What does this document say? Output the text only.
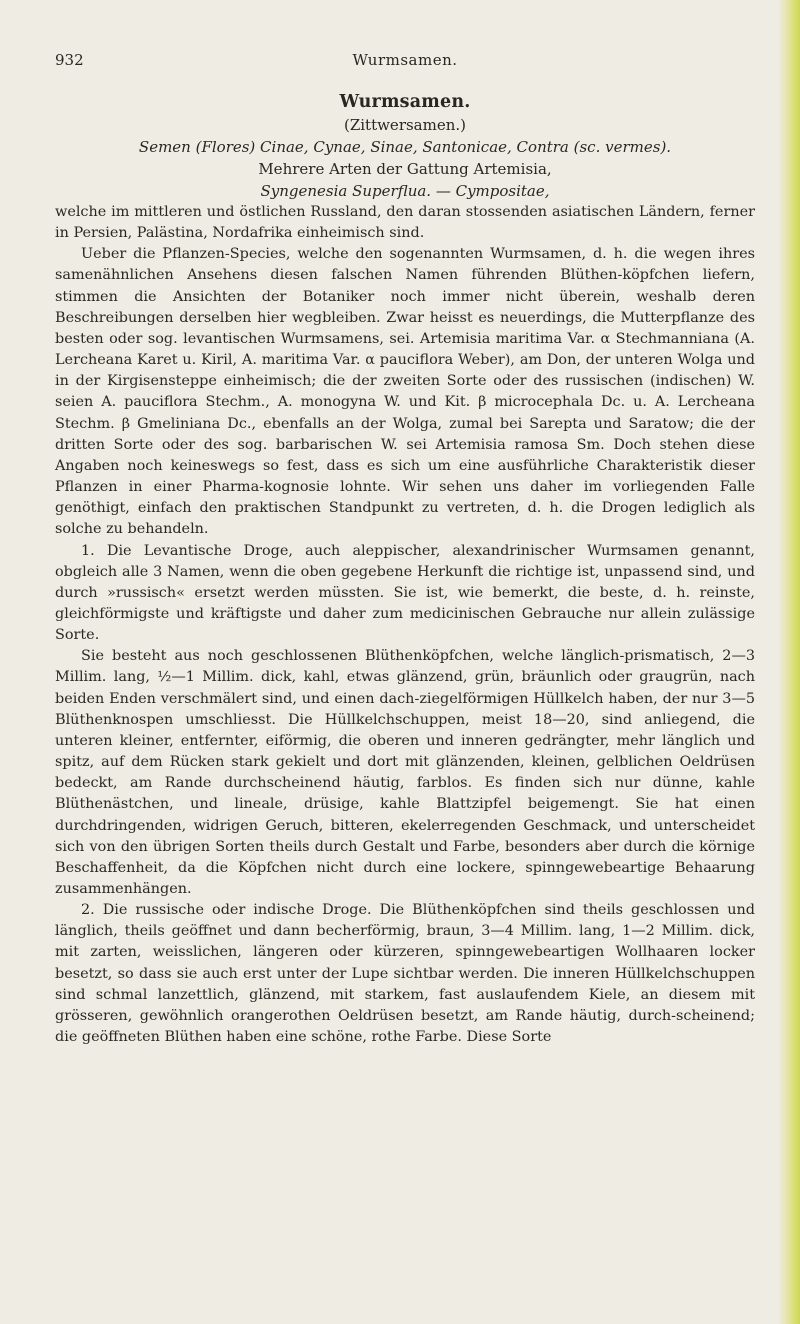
932	Wurmsamen.
Wurmsamen.

(Zittwersamen.)

Semen (Flores) Cinae, Cynae, Sinae, Santonicae, Contra (sc. vermes).

Mehrere Arten der Gattung Artemisia,

Syngenesia Superflua. — Cympositae,

welche im mittleren und östlichen Russland, den daran stossenden asiatischen Ländern, ferner in Persien, Palästina, Nordafrika einheimisch sind.

Ueber die Pflanzen-Species, welche den sogenannten Wurmsamen, d. h. die wegen ihres samenähnlichen Ansehens diesen falschen Namen führenden Blüthen-köpfchen liefern, stimmen die Ansichten der Botaniker noch immer nicht überein, weshalb deren Beschreibungen derselben hier wegbleiben. Zwar heisst es neuerdings, die Mutterpflanze des besten oder sog. levantischen Wurmsamens, sei. Artemisia maritima Var. α Stechmanniana (A. Lercheana Karet u. Kiril, A. maritima Var. α pauciflora Weber), am Don, der unteren Wolga und in der Kirgisensteppe einheimisch; die der zweiten Sorte oder des russischen (indischen) W. seien A. pauciflora Stechm., A. monogyna W. und Kit. β microcephala Dc. u. A. Lercheana Stechm. β Gmeliniana Dc., ebenfalls an der Wolga, zumal bei Sarepta und Saratow; die der dritten Sorte oder des sog. barbarischen W. sei Artemisia ramosa Sm. Doch stehen diese Angaben noch keineswegs so fest, dass es sich um eine ausführliche Charakteristik dieser Pflanzen in einer Pharma-kognosie lohnte. Wir sehen uns daher im vorliegenden Falle genöthigt, einfach den praktischen Standpunkt zu vertreten, d. h. die Drogen lediglich als solche zu behandeln.

1. Die Levantische Droge, auch aleppischer, alexandrinischer Wurmsamen genannt, obgleich alle 3 Namen, wenn die oben gegebene Herkunft die richtige ist, unpassend sind, und durch »russisch« ersetzt werden müssten. Sie ist, wie bemerkt, die beste, d. h. reinste, gleichförmigste und kräftigste und daher zum medicinischen Gebrauche nur allein zulässige Sorte.

Sie besteht aus noch geschlossenen Blüthenköpfchen, welche länglich-prismatisch, 2—3 Millim. lang, ½—1 Millim. dick, kahl, etwas glänzend, grün, bräunlich oder graugrün, nach beiden Enden verschmälert sind, und einen dach-ziegelförmigen Hüllkelch haben, der nur 3—5 Blüthenknospen umschliesst. Die Hüllkelchschuppen, meist 18—20, sind anliegend, die unteren kleiner, entfernter, eiförmig, die oberen und inneren gedrängter, mehr länglich und spitz, auf dem Rücken stark gekielt und dort mit glänzenden, kleinen, gelblichen Oeldrüsen bedeckt, am Rande durchscheinend häutig, farblos. Es finden sich nur dünne, kahle Blüthenästchen, und lineale, drüsige, kahle Blattzipfel beigemengt. Sie hat einen durchdringenden, widrigen Geruch, bitteren, ekelerregenden Geschmack, und unterscheidet sich von den übrigen Sorten theils durch Gestalt und Farbe, besonders aber durch die körnige Beschaffenheit, da die Köpfchen nicht durch eine lockere, spinngewebeartige Behaarung zusammenhängen.

2. Die russische oder indische Droge. Die Blüthenköpfchen sind theils geschlossen und länglich, theils geöffnet und dann becherförmig, braun, 3—4 Millim. lang, 1—2 Millim. dick, mit zarten, weisslichen, längeren oder kürzeren, spinngewebeartigen Wollhaaren locker besetzt, so dass sie auch erst unter der Lupe sichtbar werden. Die inneren Hüllkelchschuppen sind schmal lanzettlich, glänzend, mit starkem, fast auslaufendem Kiele, an diesem mit grösseren, gewöhnlich orangerothen Oeldrüsen besetzt, am Rande häutig, durch-scheinend; die geöffneten Blüthen haben eine schöne, rothe Farbe. Diese Sorte
